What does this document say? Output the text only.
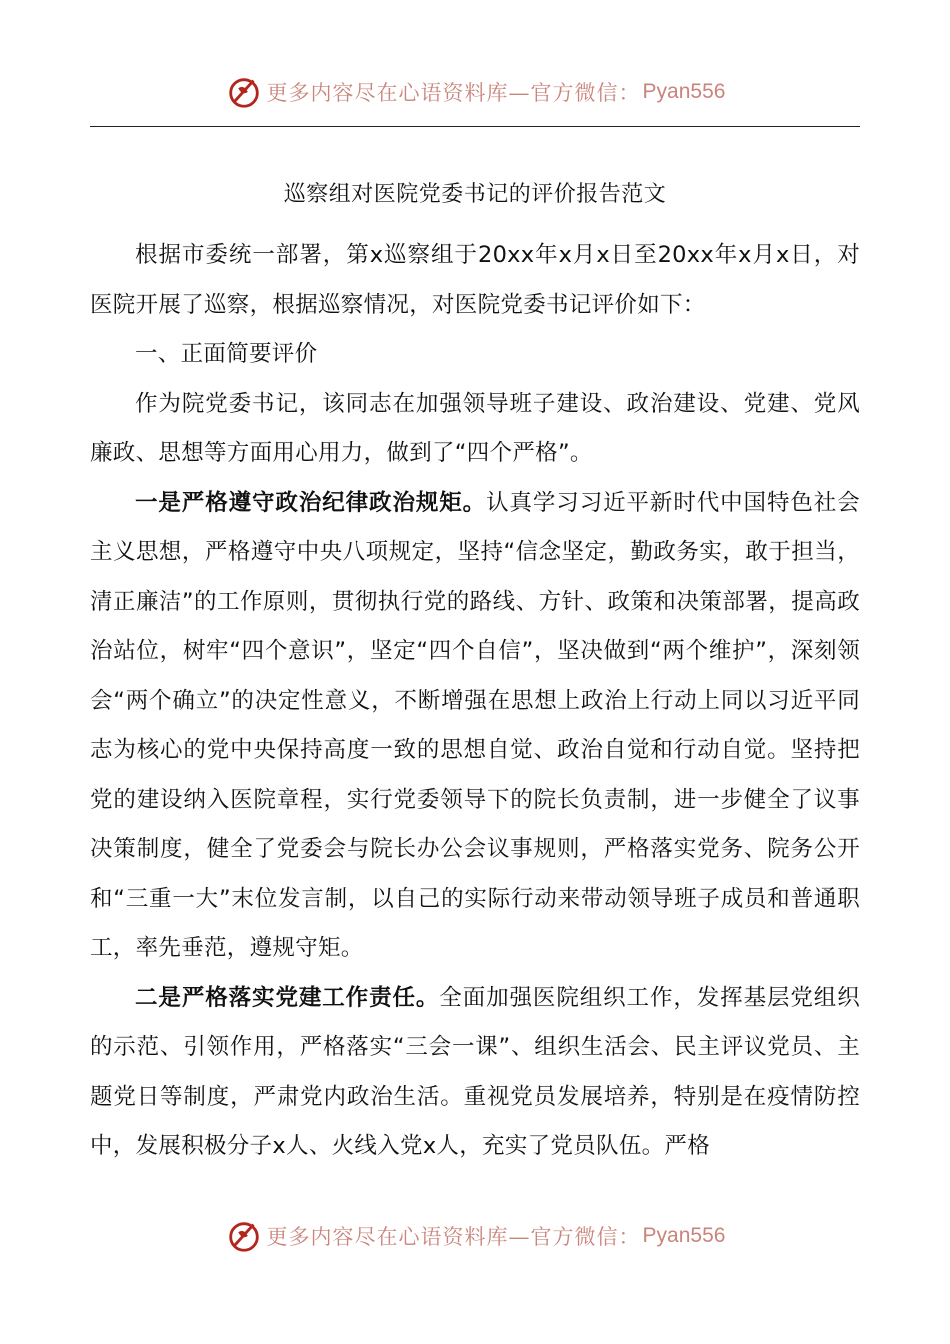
更多内容尽在心语资料库—官方微信： Pyan556
巡察组对医院党委书记的评价报告范文

根据市委统一部署，第x巡察组于20xx年x月x日至20xx年x月x日，对医院开展了巡察，根据巡察情况，对医院党委书记评价如下：

一、正面简要评价

作为院党委书记，该同志在加强领导班子建设、政治建设、党建、党风廉政、思想等方面用心用力，做到了“四个严格”。

一是严格遵守政治纪律政治规矩。认真学习习近平新时代中国特色社会主义思想，严格遵守中央八项规定，坚持“信念坚定，勤政务实，敢于担当，清正廉洁”的工作原则，贯彻执行党的路线、方针、政策和决策部署，提高政治站位，树牢“四个意识”，坚定“四个自信”，坚决做到“两个维护”，深刻领会“两个确立”的决定性意义，不断增强在思想上政治上行动上同以习近平同志为核心的党中央保持高度一致的思想自觉、政治自觉和行动自觉。坚持把党的建设纳入医院章程，实行党委领导下的院长负责制，进一步健全了议事决策制度，健全了党委会与院长办公会议事规则，严格落实党务、院务公开和“三重一大”末位发言制，以自己的实际行动来带动领导班子成员和普通职工，率先垂范，遵规守矩。

二是严格落实党建工作责任。全面加强医院组织工作，发挥基层党组织的示范、引领作用，严格落实“三会一课”、组织生活会、民主评议党员、主题党日等制度，严肃党内政治生活。重视党员发展培养，特别是在疫情防控中，发展积极分子x人、火线入党x人，充实了党员队伍。严格

更多内容尽在心语资料库—官方微信： Pyan556
